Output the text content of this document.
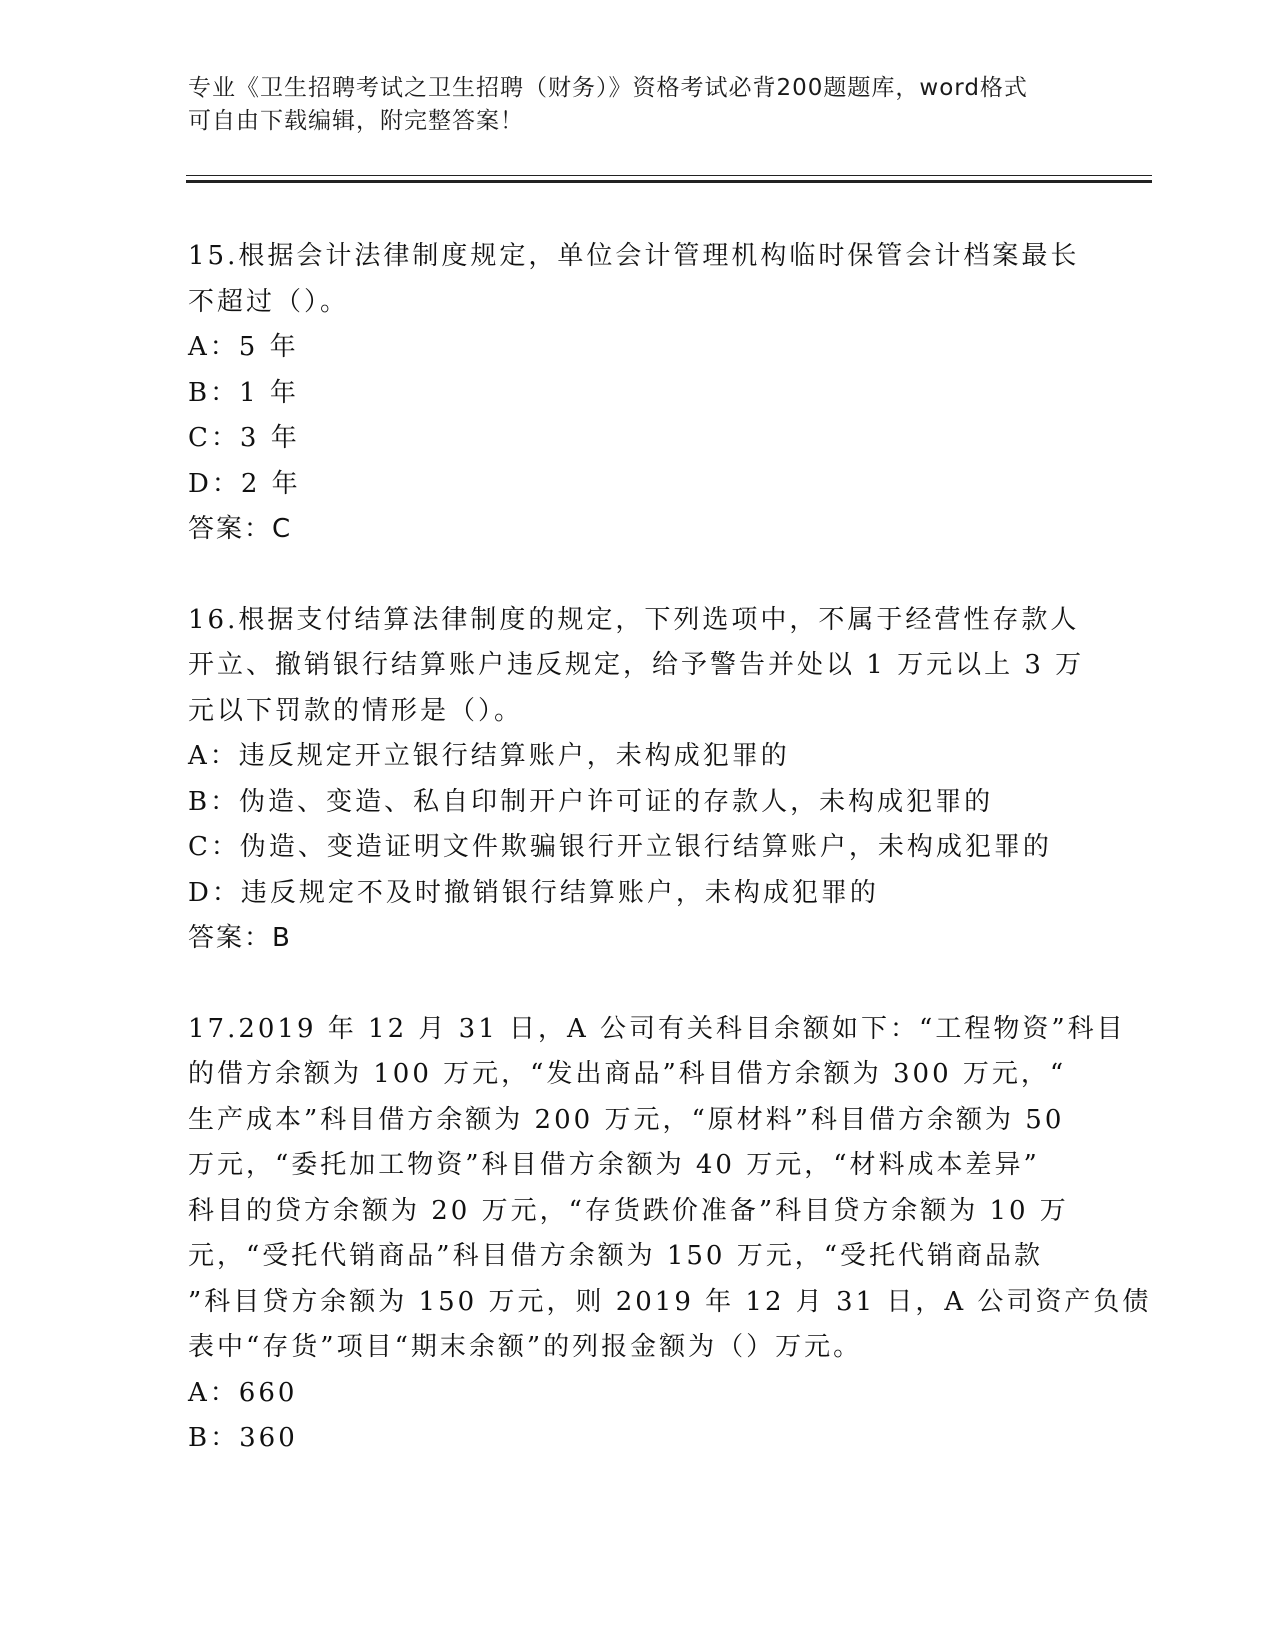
专业《卫生招聘考试之卫生招聘（财务）》资格考试必背200题题库，word格式
可自由下载编辑，附完整答案！
15.根据会计法律制度规定，单位会计管理机构临时保管会计档案最长
不超过（）。
A：5 年
B：1 年
C：3 年
D：2 年
答案：C
16.根据支付结算法律制度的规定，下列选项中，不属于经营性存款人
开立、撤销银行结算账户违反规定，给予警告并处以 1 万元以上 3 万
元以下罚款的情形是（）。
A：违反规定开立银行结算账户，未构成犯罪的
B：伪造、变造、私自印制开户许可证的存款人，未构成犯罪的
C：伪造、变造证明文件欺骗银行开立银行结算账户，未构成犯罪的
D：违反规定不及时撤销银行结算账户，未构成犯罪的
答案：B
17.2019 年 12 月 31 日，A 公司有关科目余额如下：“工程物资”科目
的借方余额为 100 万元，“发出商品”科目借方余额为 300 万元，“
生产成本”科目借方余额为 200 万元，“原材料”科目借方余额为 50
万元，“委托加工物资”科目借方余额为 40 万元，“材料成本差异”
科目的贷方余额为 20 万元，“存货跌价准备”科目贷方余额为 10 万
元，“受托代销商品”科目借方余额为 150 万元，“受托代销商品款
”科目贷方余额为 150 万元，则 2019 年 12 月 31 日，A 公司资产负债
表中“存货”项目“期末余额”的列报金额为（）万元。
A：660
B：360
